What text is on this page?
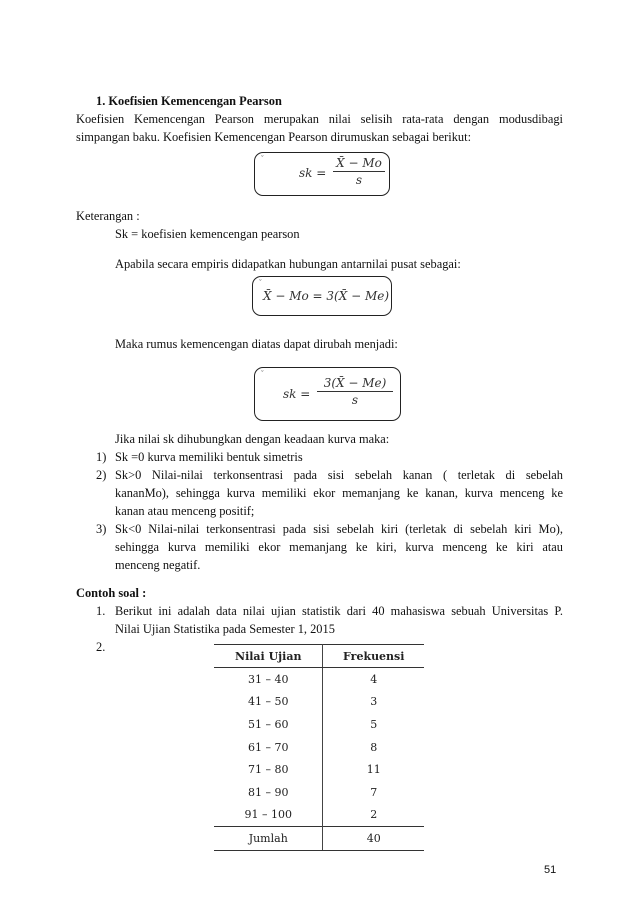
1. Koefisien Kemencengan Pearson
Koefisien Kemencengan Pearson merupakan nilai selisih rata-rata dengan modusdibagi
simpangan baku. Koefisien Kemencengan Pearson dirumuskan sebagai berikut:
ˇ
sk =
X̄ − Mo
s
Keterangan :
Sk = koefisien kemencengan pearson
Apabila secara empiris didapatkan hubungan antarnilai pusat sebagai:
ˇ
X̄ − Mo = 3(X̄ − Me)
Maka rumus kemencengan diatas dapat dirubah menjadi:
ˇ
sk =
3(X̄ − Me)
s
Jika nilai sk dihubungkan dengan keadaan kurva maka:
1) Sk =0 kurva memiliki bentuk simetris
2) Sk>0 Nilai-nilai terkonsentrasi pada sisi sebelah kanan ( terletak di sebelah
kananMo), sehingga kurva memiliki ekor memanjang ke kanan, kurva menceng ke
kanan atau menceng positif;
3) Sk<0 Nilai-nilai terkonsentrasi pada sisi sebelah kiri (terletak di sebelah kiri Mo),
sehingga kurva memiliki ekor memanjang ke kiri, kurva menceng ke kiri atau
menceng negatif.
Contoh soal :
1. Berikut ini adalah data nilai ujian statistik dari 40 mahasiswa sebuah Universitas P.
Nilai Ujian Statistika pada Semester 1, 2015
2.
Nilai Ujian	Frekuensi
31 – 40	4
41 – 50	3
51 – 60	5
61 – 70	8
71 – 80	11
81 – 90	7
91 – 100	2
Jumlah	40
51
